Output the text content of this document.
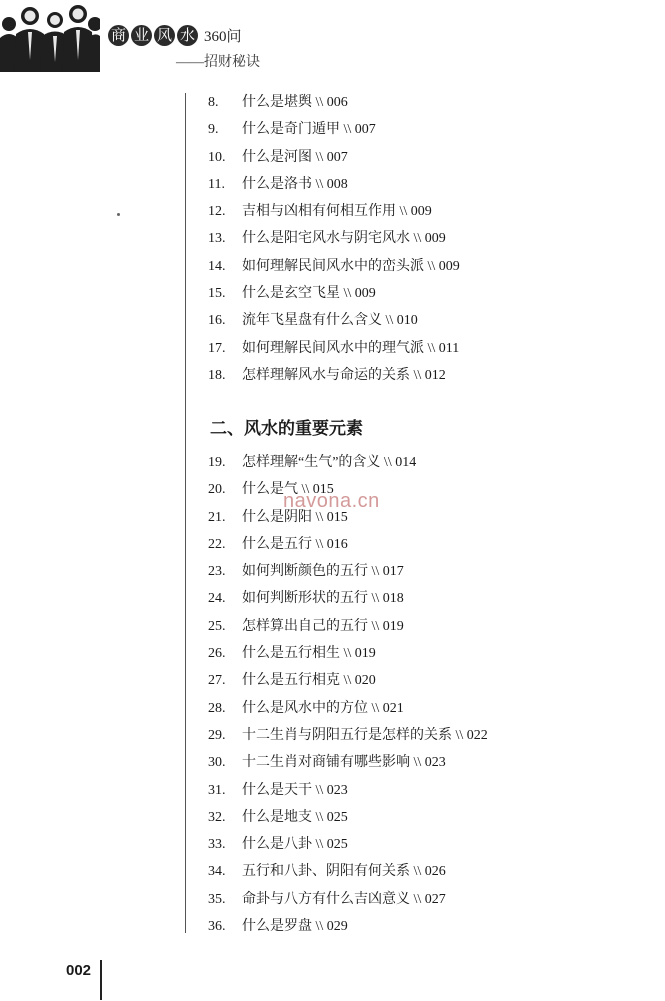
商 业 风 水 360问
——招财秘诀
8. 什么是堪舆 \\ 006
9. 什么是奇门遁甲 \\ 007
10. 什么是河图 \\ 007
11. 什么是洛书 \\ 008
12. 吉相与凶相有何相互作用 \\ 009
13. 什么是阳宅风水与阴宅风水 \\ 009
14. 如何理解民间风水中的峦头派 \\ 009
15. 什么是玄空飞星 \\ 009
16. 流年飞星盘有什么含义 \\ 010
17. 如何理解民间风水中的理气派 \\ 011
18. 怎样理解风水与命运的关系 \\ 012
二、风水的重要元素
19. 怎样理解“生气”的含义 \\ 014
20. 什么是气 \\ 015
21. 什么是阴阳 \\ 015
22. 什么是五行 \\ 016
23. 如何判断颜色的五行 \\ 017
24. 如何判断形状的五行 \\ 018
25. 怎样算出自己的五行 \\ 019
26. 什么是五行相生 \\ 019
27. 什么是五行相克 \\ 020
28. 什么是风水中的方位 \\ 021
29. 十二生肖与阴阳五行是怎样的关系 \\ 022
30. 十二生肖对商铺有哪些影响 \\ 023
31. 什么是天干 \\ 023
32. 什么是地支 \\ 025
33. 什么是八卦 \\ 025
34. 五行和八卦、阴阳有何关系 \\ 026
35. 命卦与八方有什么吉凶意义 \\ 027
36. 什么是罗盘 \\ 029
navona.cn
002
